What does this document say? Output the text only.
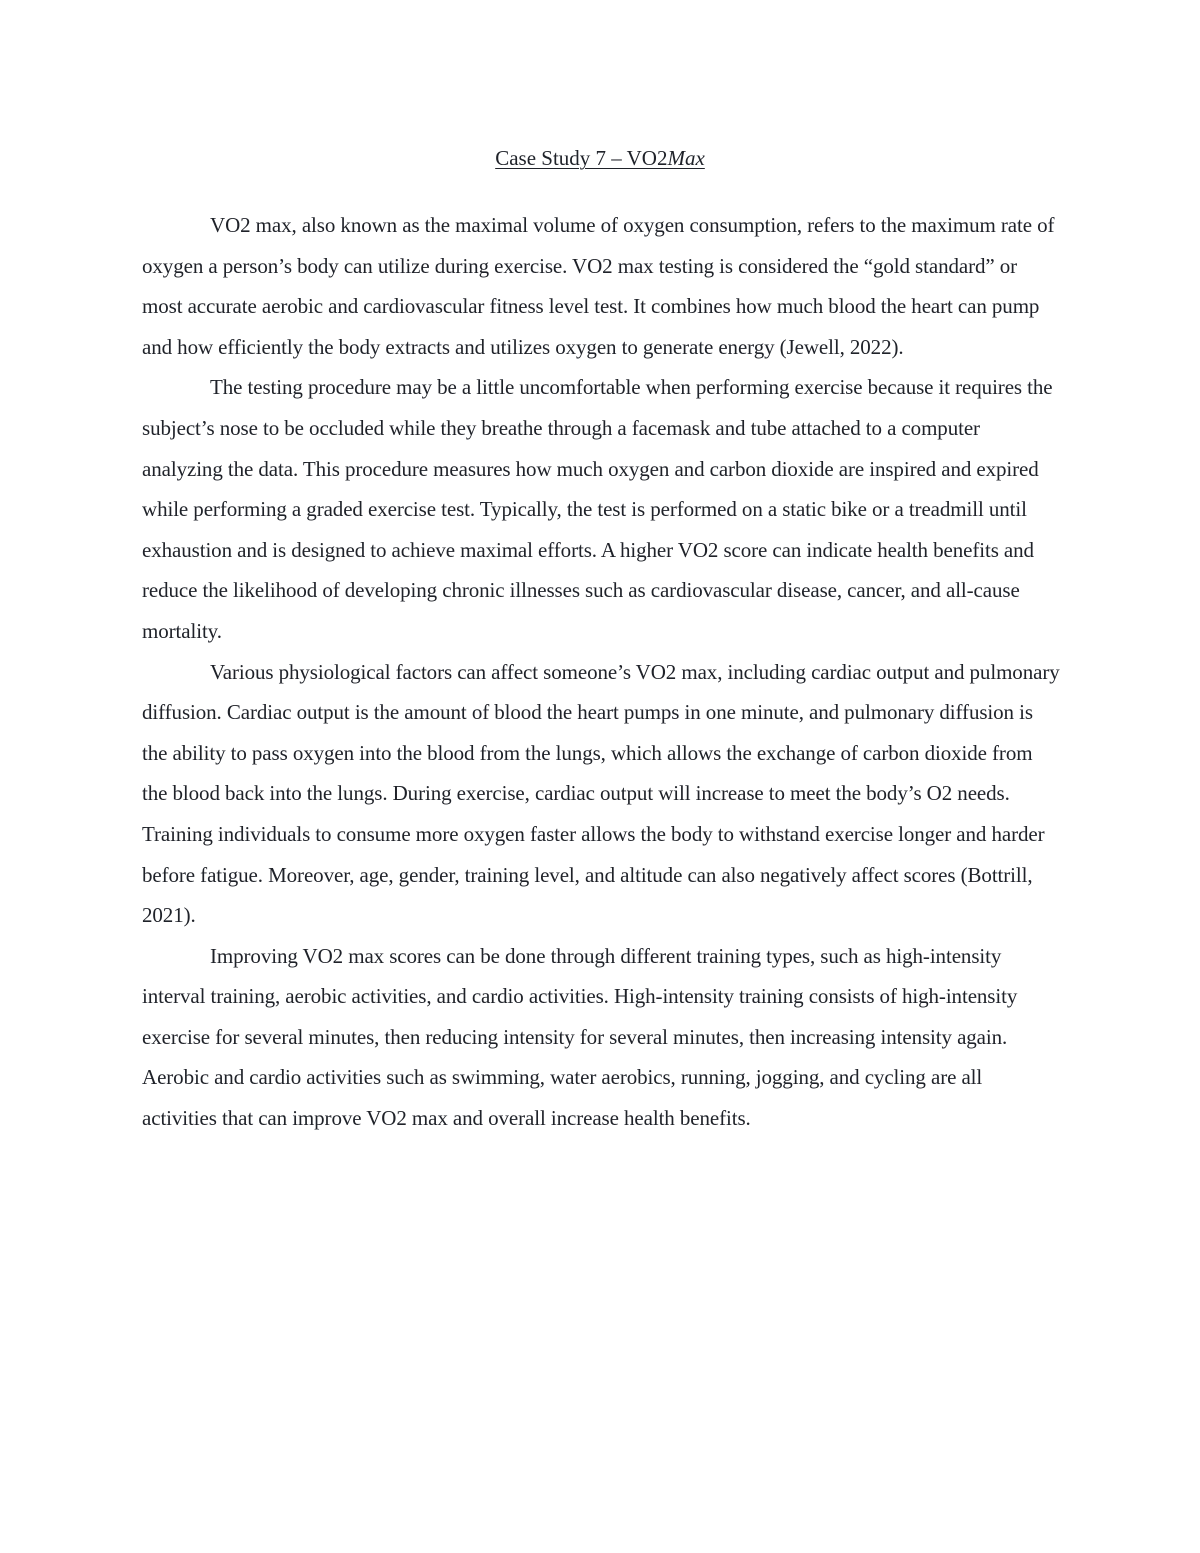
Case Study 7 – VO2Max

VO2 max, also known as the maximal volume of oxygen consumption, refers to the maximum rate of oxygen a person’s body can utilize during exercise. VO2 max testing is considered the “gold standard” or most accurate aerobic and cardiovascular fitness level test. It combines how much blood the heart can pump and how efficiently the body extracts and utilizes oxygen to generate energy (Jewell, 2022).

The testing procedure may be a little uncomfortable when performing exercise because it requires the subject’s nose to be occluded while they breathe through a facemask and tube attached to a computer analyzing the data. This procedure measures how much oxygen and carbon dioxide are inspired and expired while performing a graded exercise test. Typically, the test is performed on a static bike or a treadmill until exhaustion and is designed to achieve maximal efforts. A higher VO2 score can indicate health benefits and reduce the likelihood of developing chronic illnesses such as cardiovascular disease, cancer, and all-cause mortality.

Various physiological factors can affect someone’s VO2 max, including cardiac output and pulmonary diffusion. Cardiac output is the amount of blood the heart pumps in one minute, and pulmonary diffusion is the ability to pass oxygen into the blood from the lungs, which allows the exchange of carbon dioxide from the blood back into the lungs. During exercise, cardiac output will increase to meet the body’s O2 needs. Training individuals to consume more oxygen faster allows the body to withstand exercise longer and harder before fatigue. Moreover, age, gender, training level, and altitude can also negatively affect scores (Bottrill, 2021).

Improving VO2 max scores can be done through different training types, such as high-intensity interval training, aerobic activities, and cardio activities. High-intensity training consists of high-intensity exercise for several minutes, then reducing intensity for several minutes, then increasing intensity again. Aerobic and cardio activities such as swimming, water aerobics, running, jogging, and cycling are all activities that can improve VO2 max and overall increase health benefits.
